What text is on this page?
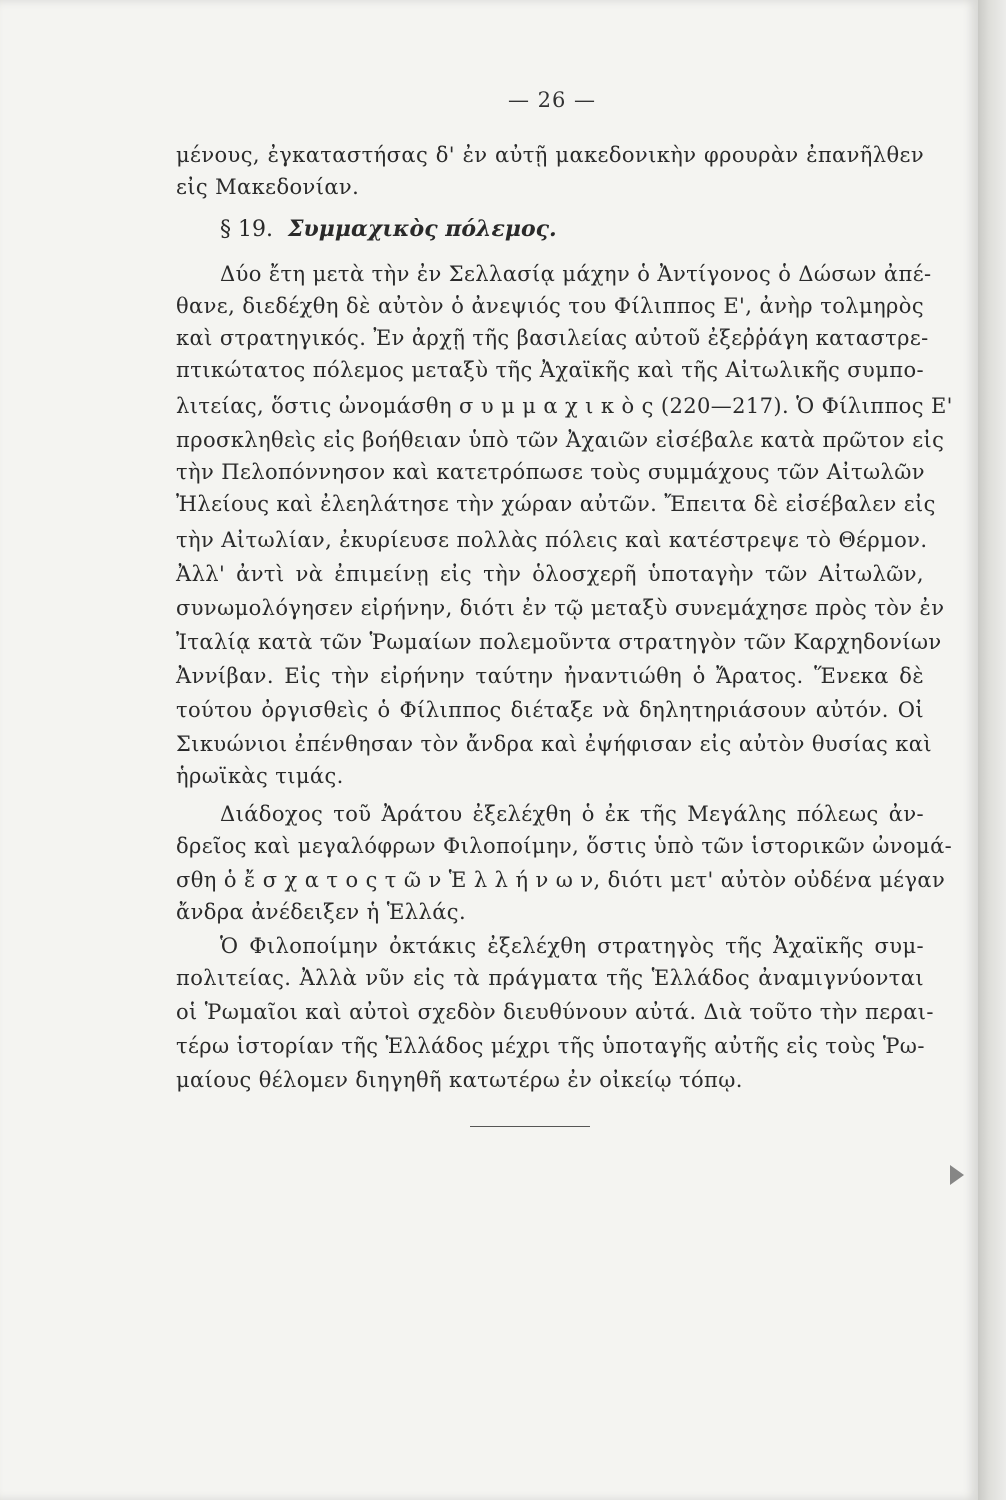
— 26 —
μένους, ἐγκαταστήσας δ' ἐν αὐτῇ μακεδονικὴν φρουρὰν ἐπανῆλθεν
εἰς Μακεδονίαν.
Δύο ἔτη μετὰ τὴν ἐν Σελλασίᾳ μάχην ὁ Ἀντίγονος ὁ Δώσων ἀπέ-
θανε, διεδέχθη δὲ αὐτὸν ὁ ἀνεψιός του Φίλιππος Ε', ἀνὴρ τολμηρὸς
καὶ στρατηγικός. Ἐν ἀρχῇ τῆς βασιλείας αὐτοῦ ἐξεῤῥάγη καταστρε-
πτικώτατος πόλεμος μεταξὺ τῆς Ἀχαϊκῆς καὶ τῆς Αἰτωλικῆς συμπο-
λιτείας, ὅστις ὠνομάσθη σ υ μ μ α χ ι κ ὸ ς (220—217). Ὁ Φίλιππος Ε'
προσκληθεὶς εἰς βοήθειαν ὑπὸ τῶν Ἀχαιῶν εἰσέβαλε κατὰ πρῶτον εἰς
τὴν Πελοπόννησον καὶ κατετρόπωσε τοὺς συμμάχους τῶν Αἰτωλῶν
Ἠλείους καὶ ἐλεηλάτησε τὴν χώραν αὐτῶν. Ἔπειτα δὲ εἰσέβαλεν εἰς
τὴν Αἰτωλίαν, ἐκυρίευσε πολλὰς πόλεις καὶ κατέστρεψε τὸ Θέρμον.
Ἀλλ' ἀντὶ νὰ ἐπιμείνῃ εἰς τὴν ὁλοσχερῆ ὑποταγὴν τῶν Αἰτωλῶν,
συνωμολόγησεν εἰρήνην, διότι ἐν τῷ μεταξὺ συνεμάχησε πρὸς τὸν ἐν
Ἰταλίᾳ κατὰ τῶν Ῥωμαίων πολεμοῦντα στρατηγὸν τῶν Καρχηδονίων
Ἀννίβαν. Εἰς τὴν εἰρήνην ταύτην ἠναντιώθη ὁ Ἄρατος. Ἕνεκα δὲ
τούτου ὀργισθεὶς ὁ Φίλιππος διέταξε νὰ δηλητηριάσουν αὐτόν. Οἱ
Σικυώνιοι ἐπένθησαν τὸν ἄνδρα καὶ ἐψήφισαν εἰς αὐτὸν θυσίας καὶ
ἡρωϊκὰς τιμάς.
Διάδοχος τοῦ Ἀράτου ἐξελέχθη ὁ ἐκ τῆς Μεγάλης πόλεως ἀν-
δρεῖος καὶ μεγαλόφρων Φιλοποίμην, ὅστις ὑπὸ τῶν ἱστορικῶν ὠνομά-
σθη ὁ ἔ σ χ α τ ο ς τ ῶ ν Ἑ λ λ ή ν ω ν, διότι μετ' αὐτὸν οὐδένα μέγαν
ἄνδρα ἀνέδειξεν ἡ Ἑλλάς.
Ὁ Φιλοποίμην ὀκτάκις ἐξελέχθη στρατηγὸς τῆς Ἀχαϊκῆς συμ-
πολιτείας. Ἀλλὰ νῦν εἰς τὰ πράγματα τῆς Ἑλλάδος ἀναμιγνύονται
οἱ Ῥωμαῖοι καὶ αὐτοὶ σχεδὸν διευθύνουν αὐτά. Διὰ τοῦτο τὴν περαι-
τέρω ἱστορίαν τῆς Ἑλλάδος μέχρι τῆς ὑποταγῆς αὐτῆς εἰς τοὺς Ῥω-
μαίους θέλομεν διηγηθῆ κατωτέρω ἐν οἰκείῳ τόπῳ.
§ 19. Συμμαχικὸς πόλεμος.
